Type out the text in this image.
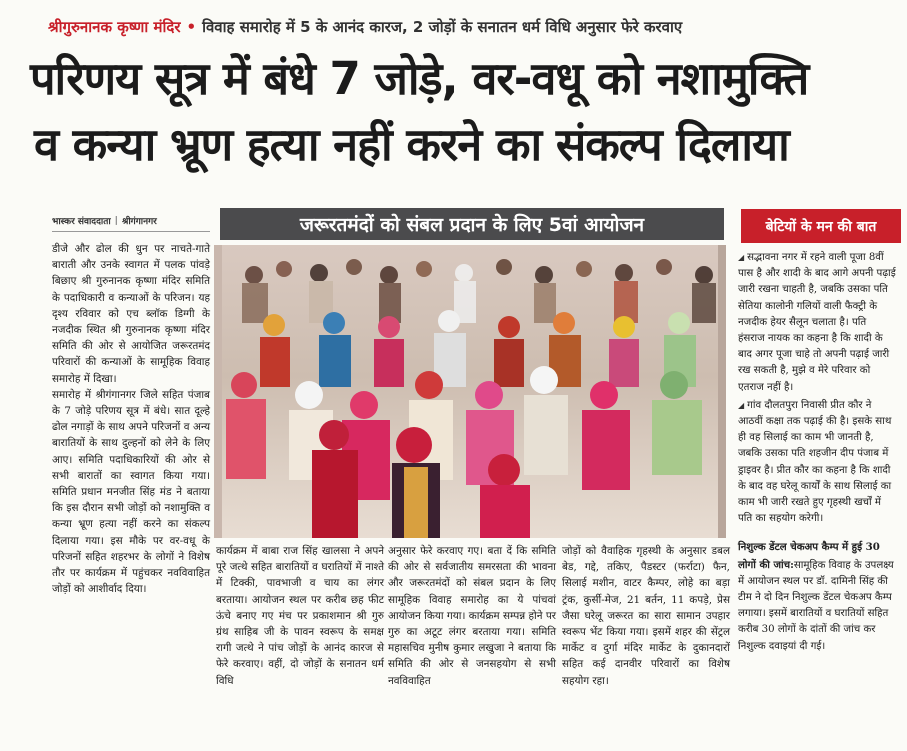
श्रीगुरुनानक कृष्णा मंदिर • विवाह समारोह में 5 के आनंद कारज, 2 जोड़ों के सनातन धर्म विधि अनुसार फेरे करवाए
परिणय सूत्र में बंधे 7 जोड़े, वर-वधू को नशामुक्ति
व कन्या भ्रूण हत्या नहीं करने का संकल्प दिलाया
भास्कर संवाददाता | श्रीगंगानगर

डीजे और ढोल की धुन पर नाचते-गाते बाराती और उनके स्वागत में पलक पांवड़े बिछाए श्री गुरुनानक कृष्णा मंदिर समिति के पदाधिकारी व कन्याओं के परिजन। यह दृश्य रविवार को एच ब्लॉक डिग्गी के नजदीक स्थित श्री गुरुनानक कृष्णा मंदिर समिति की ओर से आयोजित जरूरतमंद परिवारों की कन्याओं के सामूहिक विवाह समारोह में दिखा।

समारोह में श्रीगंगानगर जिले सहित पंजाब के 7 जोड़े परिणय सूत्र में बंधे। सात दूल्हे ढोल नगाड़ों के साथ अपने परिजनों व अन्य बारातियों के साथ दुल्हनों को लेने के लिए आए। समिति पदाधिकारियों की ओर से सभी बारातों का स्वागत किया गया। समिति प्रधान मनजीत सिंह मंड ने बताया कि इस दौरान सभी जोड़ों को नशामुक्ति व कन्या भ्रूण हत्या नहीं करने का संकल्प दिलाया गया। इस मौके पर वर-वधू के परिजनों सहित शहरभर के लोगों ने विशेष तौर पर कार्यक्रम में पहुंचकर नवविवाहित जोड़ों को आशीर्वाद दिया।

जरूरतमंदों को संबल प्रदान के लिए 5वां आयोजन
कार्यक्रम में बाबा राज सिंह खालसा ने अपने पूरे जत्थे सहित बारातियों व घरातियों में नाश्ते में टिक्की, पावभाजी व चाय का लंगर बरताया। आयोजन स्थल पर करीब छह फीट ऊंचे बनाए गए मंच पर प्रकाशमान श्री गुरु ग्रंथ साहिब जी के पावन स्वरूप के समक्ष रागी जत्थे ने पांच जोड़ों के आनंद कारज से फेरे करवाए। वहीं, दो जोड़ों के सनातन धर्म विधि
अनुसार फेरे करवाए गए। बता दें कि समिति की ओर से सर्वजातीय समरसता की भावना और जरूरतमंदों को संबल प्रदान के लिए सामूहिक विवाह समारोह का ये पांचवां आयोजन किया गया। कार्यक्रम सम्पन्न होने पर गुरु का अटूट लंगर बरताया गया। समिति महासचिव मुनीष कुमार लखुजा ने बताया कि समिति की ओर से जनसहयोग से सभी नवविवाहित
जोड़ों को वैवाहिक गृहस्थी के अनुसार डबल बेड, गद्दे, तकिए, पैडस्टर (फर्राटा) फैन, सिलाई मशीन, वाटर कैम्पर, लोहे का बड़ा ट्रंक, कुर्सी-मेज, 21 बर्तन, 11 कपड़े, प्रेस जैसा घरेलू जरूरत का सारा सामान उपहार स्वरूप भेंट किया गया। इसमें शहर की सेंट्रल मार्केट व दुर्गा मंदिर मार्केट के दुकानदारों सहित कई दानवीर परिवारों का विशेष सहयोग रहा।
बेटियों के मन की बात

◢ सद्भावना नगर में रहने वाली पूजा 8वीं पास है और शादी के बाद आगे अपनी पढ़ाई जारी रखना चाहती है, जबकि उसका पति सेतिया कालोनी गलियों वाली फैक्ट्री के नजदीक हेयर सैलून चलाता है। पति हंसराज नायक का कहना है कि शादी के बाद अगर पूजा चाहे तो अपनी पढ़ाई जारी रख सकती है, मुझे व मेरे परिवार को एतराज नहीं है।

◢ गांव दौलतपुरा निवासी प्रीत कौर ने आठवीं कक्षा तक पढ़ाई की है। इसके साथ ही वह सिलाई का काम भी जानती है, जबकि उसका पति शहजीन दीप पंजाब में ड्राइवर है। प्रीत कौर का कहना है कि शादी के बाद वह घरेलू कार्यों के साथ सिलाई का काम भी जारी रखते हुए गृहस्थी खर्चों में पति का सहयोग करेगी।

निशुल्क डेंटल चेकअप कैम्प में हुई 30 लोगों की जांच:सामूहिक विवाह के उपलक्ष्य में आयोजन स्थल पर डॉ. दामिनी सिंह की टीम ने दो दिन निशुल्क डेंटल चेकअप कैम्प लगाया। इसमें बारातियों व घरातियों सहित करीब 30 लोगों के दांतों की जांच कर निशुल्क दवाइयां दी गई।
